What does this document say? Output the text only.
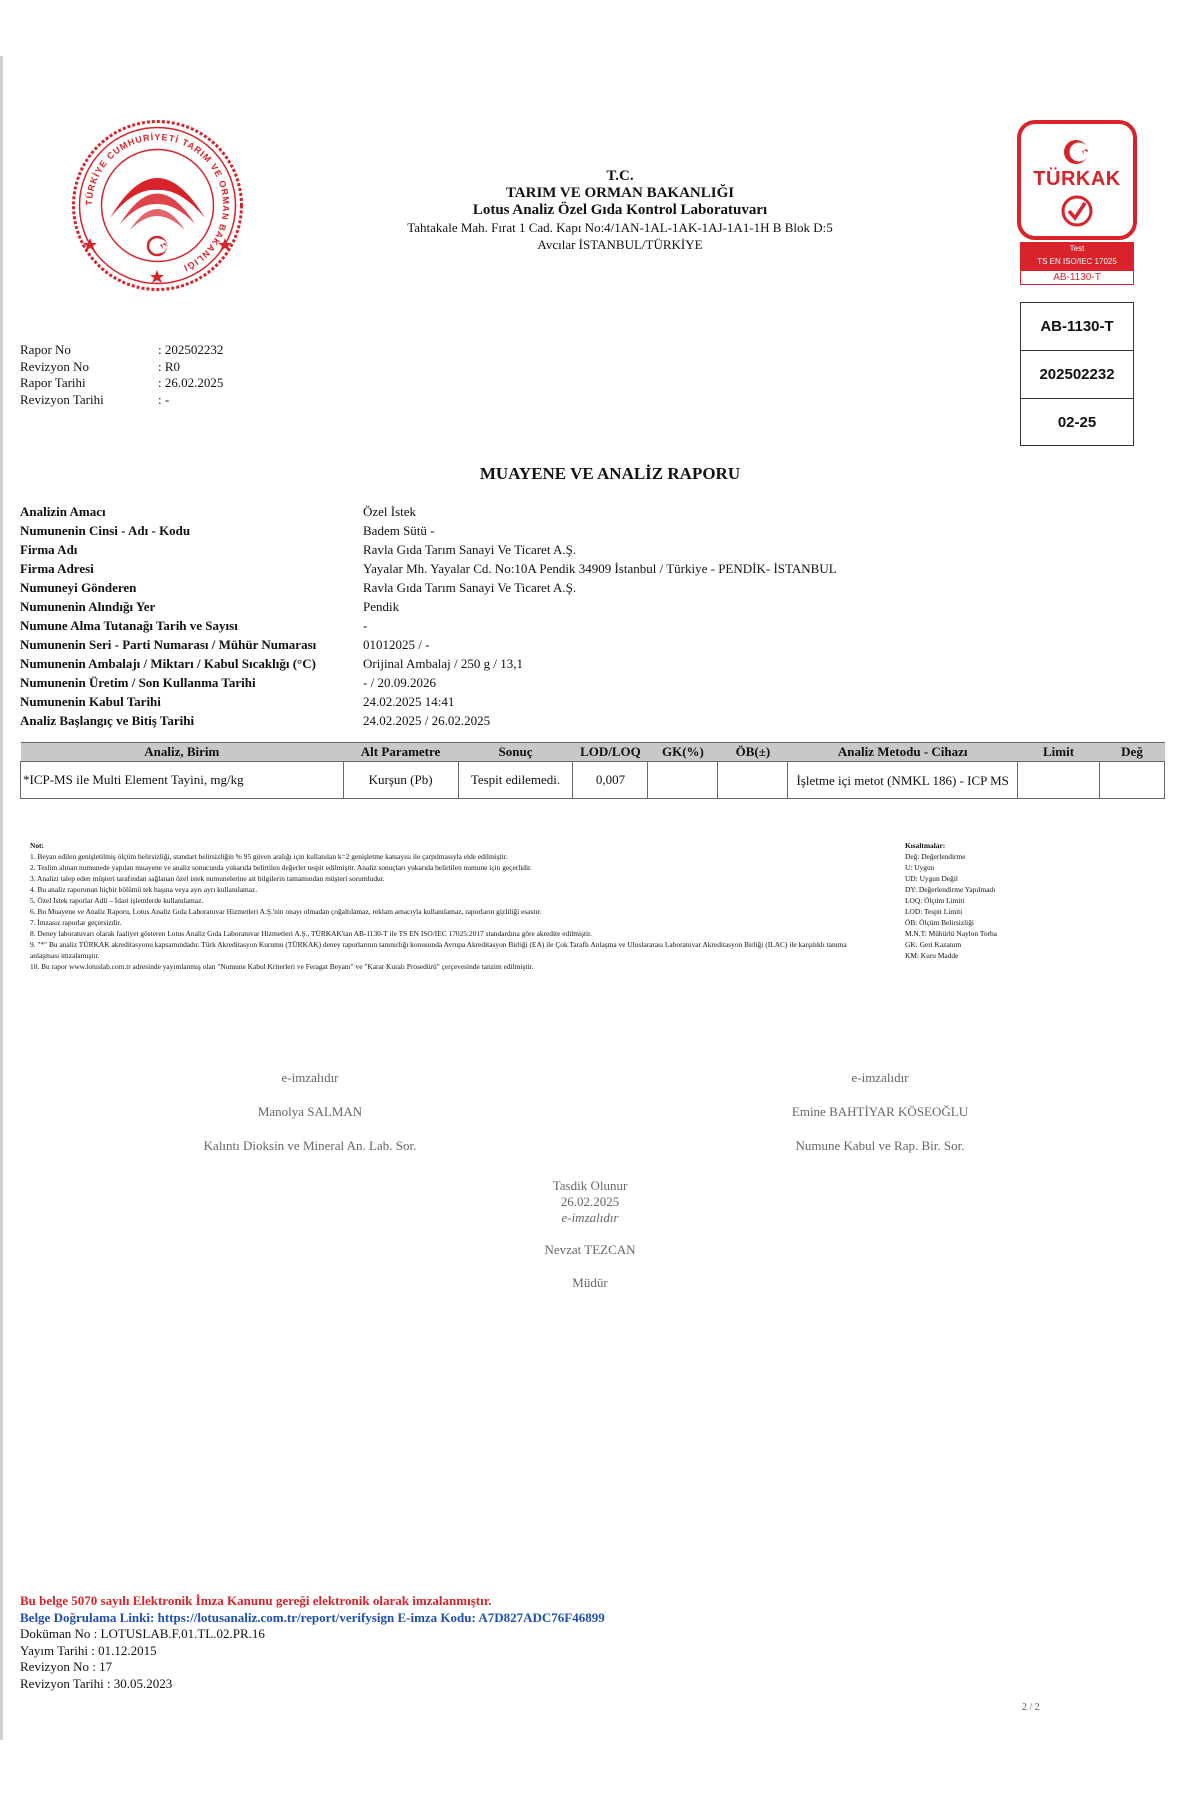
TÜRKİYE CUMHURİYETİ TARIM VE ORMAN BAKANLIĞI
T.C.
TARIM VE ORMAN BAKANLIĞI
Lotus Analiz Özel Gıda Kontrol Laboratuvarı
Tahtakale Mah. Fırat 1 Cad. Kapı No:4/1AN-1AL-1AK-1AJ-1A1-1H B Blok D:5
Avcılar İSTANBUL/TÜRKİYE
TÜRKAK
Test
TS EN ISO/IEC 17025
AB-1130-T
AB-1130-T
202502232
02-25
Rapor No	: 202502232
Revizyon No	: R0
Rapor Tarihi	: 26.02.2025
Revizyon Tarihi	: -
MUAYENE VE ANALİZ RAPORU
Analizin Amacı	Özel İstek
Numunenin Cinsi - Adı - Kodu	Badem Sütü -
Firma Adı	Ravla Gıda Tarım Sanayi Ve Ticaret A.Ş.
Firma Adresi	Yayalar Mh. Yayalar Cd. No:10A Pendik 34909 İstanbul / Türkiye - PENDİK- İSTANBUL
Numuneyi Gönderen	Ravla Gıda Tarım Sanayi Ve Ticaret A.Ş.
Numunenin Alındığı Yer	Pendik
Numune Alma Tutanağı Tarih ve Sayısı	-
Numunenin Seri - Parti Numarası / Mühür Numarası	01012025 / -
Numunenin Ambalajı / Miktarı / Kabul Sıcaklığı (°C)	Orijinal Ambalaj / 250 g / 13,1
Numunenin Üretim / Son Kullanma Tarihi	- / 20.09.2026
Numunenin Kabul Tarihi	24.02.2025 14:41
Analiz Başlangıç ve Bitiş Tarihi	24.02.2025 / 26.02.2025
Analiz, Birim	Alt Parametre	Sonuç	LOD/LOQ	GK(%)	ÖB(±)	Analiz Metodu - Cihazı	Limit	Değ
*ICP-MS ile Multi Element Tayini, mg/kg	Kurşun (Pb)	Tespit edilemedi.	0,007			İşletme içi metot (NMKL 186) - ICP MS		
Not:
1. Beyan edilen genişletilmiş ölçüm belirsizliği, standart belirsizliğin % 95 güven aralığı için kullanılan k=2 genişletme katsayısı ile çarpılmasıyla elde edilmiştir.
2. Teslim alınan numunede yapılan muayene ve analiz sonucunda yukarıda belirtilen değerler tespit edilmiştir. Analiz sonuçları yukarıda belirtilen numune için geçerlidir.
3. Analizi talep eden müşteri tarafından sağlanan özel istek numunelerine ait bilgilerin tamamından müşteri sorumludur.
4. Bu analiz raporunun hiçbir bölümü tek başına veya ayrı ayrı kullanılamaz.
5. Özel İstek raporlar Adli – İdari işlemlerde kullanılamaz.
6. Bu Muayene ve Analiz Raporu, Lotus Analiz Gıda Laboratuvar Hizmetleri A.Ş.'nin onayı olmadan çoğaltılamaz, reklam amacıyla kullanılamaz, raporların gizliliği esastır.
7. İmzasız raporlar geçersizdir.
8. Deney laboratuvarı olarak faaliyet gösteren Lotus Analiz Gıda Laboratuvar Hizmetleri A.Ş., TÜRKAK'tan AB-1130-T ile TS EN ISO/IEC 17025:2017 standardına göre akredite edilmiştir.
9. "*" Bu analiz TÜRKAK akreditasyonu kapsamındadır. Türk Akreditasyon Kurumu (TÜRKAK) deney raporlarının tanınırlığı konusunda Avrupa Akreditasyon Birliği (EA) ile Çok Taraflı Anlaşma ve Uluslararası Laboratuvar Akreditasyon Birliği (ILAC) ile karşılıklı tanıma anlaşması imzalamıştır.
10. Bu rapor www.lotuslab.com.tr adresinde yayımlanmış olan "Numune Kabul Kriterleri ve Feragat Beyanı" ve "Karar Kuralı Prosedürü" çerçevesinde tanzim edilmiştir.
Kısaltmalar:
Değ: Değerlendirme
U: Uygun
UD: Uygun Değil
DY: Değerlendirme Yapılmadı
LOQ: Ölçüm Limiti
LOD: Tespit Limiti
ÖB: Ölçüm Belirsizliği
M.N.T: Mühürlü Naylon Torba
GK: Geri Kazanım
KM: Kuru Madde
e-imzalıdır
Manolya SALMAN
Kalıntı Dioksin ve Mineral An. Lab. Sor.
e-imzalıdır
Emine BAHTİYAR KÖSEOĞLU
Numune Kabul ve Rap. Bir. Sor.
Tasdik Olunur
26.02.2025
e-imzalıdır
Nevzat TEZCAN
Müdür
Bu belge 5070 sayılı Elektronik İmza Kanunu gereği elektronik olarak imzalanmıştır.
Belge Doğrulama Linki: https://lotusanaliz.com.tr/report/verifysign E-imza Kodu: A7D827ADC76F46899
Doküman No : LOTUSLAB.F.01.TL.02.PR.16
Yayım Tarihi : 01.12.2015
Revizyon No : 17
Revizyon Tarihi : 30.05.2023
2 / 2
